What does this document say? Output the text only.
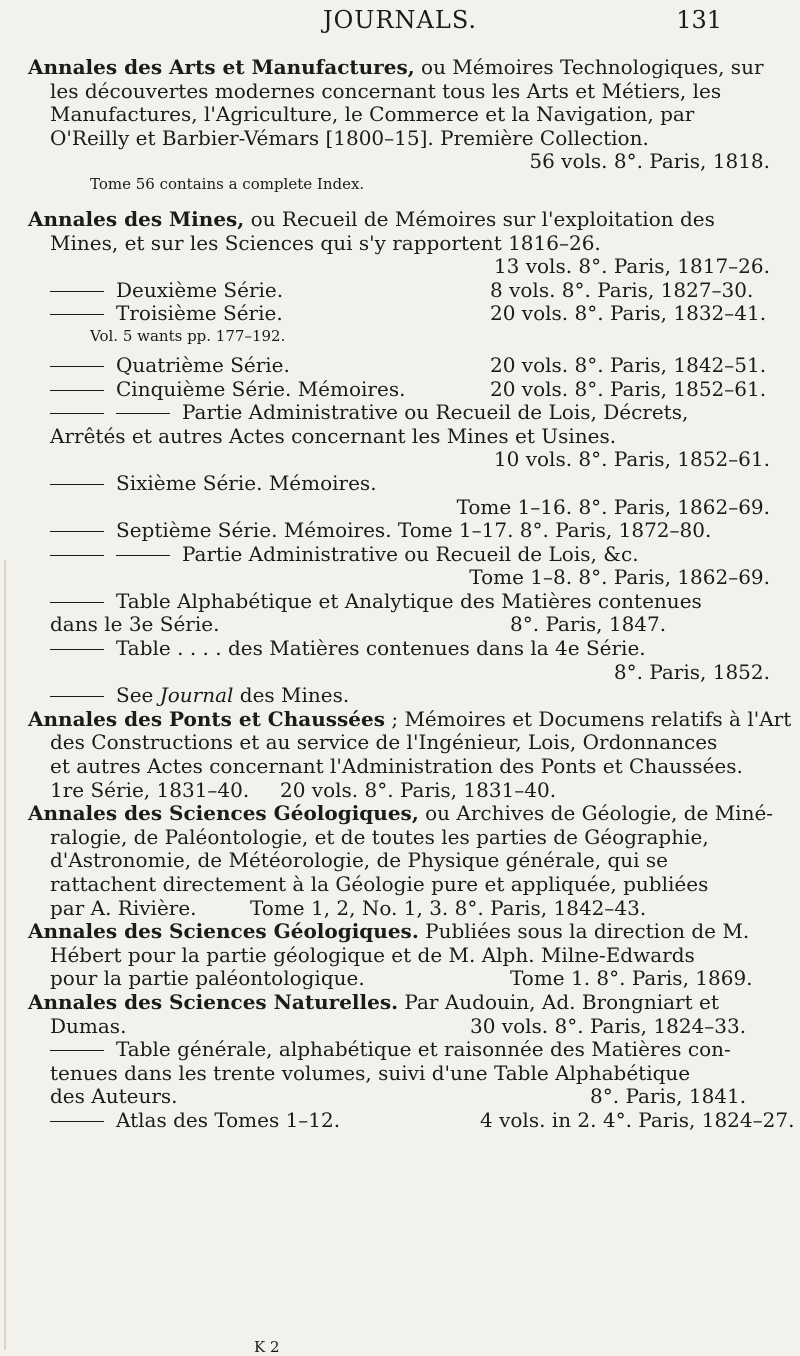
JOURNALS.	131
Annales des Arts et Manufactures, ou Mémoires Technologiques, sur
les découvertes modernes concernant tous les Arts et Métiers, les
Manufactures, l'Agriculture, le Commerce et la Navigation, par
O'Reilly et Barbier-Vémars [1800–15]. Première Collection.
56 vols. 8°. Paris, 1818.
Tome 56 contains a complete Index.
Annales des Mines, ou Recueil de Mémoires sur l'exploitation des
Mines, et sur les Sciences qui s'y rapportent 1816–26.
13 vols. 8°. Paris, 1817–26.
Deuxième Série.	8 vols. 8°. Paris, 1827–30.
Troisième Série.	20 vols. 8°. Paris, 1832–41.
Vol. 5 wants pp. 177–192.
Quatrième Série.	20 vols. 8°. Paris, 1842–51.
Cinquième Série. Mémoires.	20 vols. 8°. Paris, 1852–61.
Partie Administrative ou Recueil de Lois, Décrets,
Arrêtés et autres Actes concernant les Mines et Usines.
10 vols. 8°. Paris, 1852–61.
Sixième Série. Mémoires.
Tome 1–16. 8°. Paris, 1862–69.
Septième Série. Mémoires. Tome 1–17. 8°. Paris, 1872–80.
Partie Administrative ou Recueil de Lois, &c.
Tome 1–8. 8°. Paris, 1862–69.
Table Alphabétique et Analytique des Matières contenues
dans le 3e Série.	8°. Paris, 1847.
Table . . . . des Matières contenues dans la 4e Série.
8°. Paris, 1852.
See Journal des Mines.
Annales des Ponts et Chaussées ; Mémoires et Documens relatifs à l'Art
des Constructions et au service de l'Ingénieur, Lois, Ordonnances
et autres Actes concernant l'Administration des Ponts et Chaussées.
1re Série, 1831–40. 20 vols. 8°. Paris, 1831–40.
Annales des Sciences Géologiques, ou Archives de Géologie, de Miné-
ralogie, de Paléontologie, et de toutes les parties de Géographie,
d'Astronomie, de Météorologie, de Physique générale, qui se
rattachent directement à la Géologie pure et appliquée, publiées
par A. Rivière.	Tome 1, 2, No. 1, 3. 8°. Paris, 1842–43.
Annales des Sciences Géologiques. Publiées sous la direction de M.
Hébert pour la partie géologique et de M. Alph. Milne-Edwards
pour la partie paléontologique.	Tome 1. 8°. Paris, 1869.
Annales des Sciences Naturelles. Par Audouin, Ad. Brongniart et
Dumas.	30 vols. 8°. Paris, 1824–33.
Table générale, alphabétique et raisonnée des Matières con-
tenues dans les trente volumes, suivi d'une Table Alphabétique
des Auteurs.	8°. Paris, 1841.
Atlas des Tomes 1–12.	4 vols. in 2. 4°. Paris, 1824–27.
K 2
